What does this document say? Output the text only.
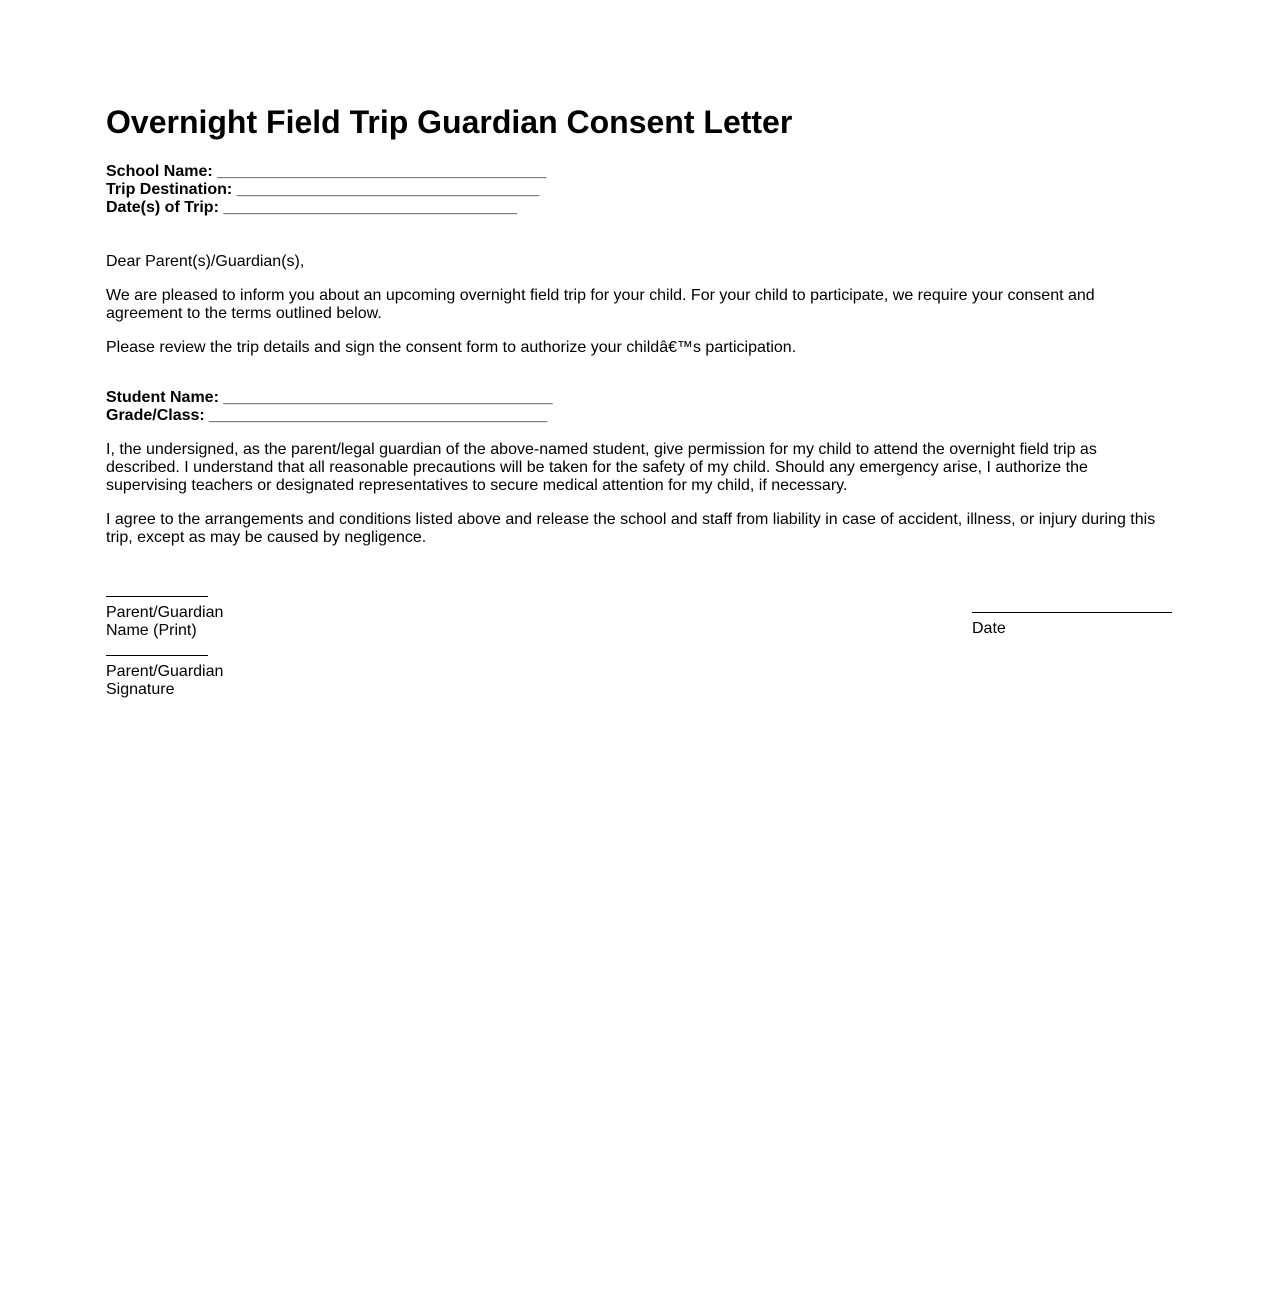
Overnight Field Trip Guardian Consent Letter
School Name: _____________________________________
Trip Destination: __________________________________
Date(s) of Trip: _________________________________

Dear Parent(s)/Guardian(s),

We are pleased to inform you about an upcoming overnight field trip for your child. For your child to participate, we require your consent and agreement to the terms outlined below.

Please review the trip details and sign the consent form to authorize your childâ€™s participation.

Student Name: _____________________________________
Grade/Class: ______________________________________

I, the undersigned, as the parent/legal guardian of the above-named student, give permission for my child to attend the overnight field trip as described. I understand that all reasonable precautions will be taken for the safety of my child. Should any emergency arise, I authorize the supervising teachers or designated representatives to secure medical attention for my child, if necessary.

I agree to the arrangements and conditions listed above and release the school and staff from liability in case of accident, illness, or injury during this trip, except as may be caused by negligence.

Parent/Guardian Name (Print)
Parent/Guardian Signature
Date
